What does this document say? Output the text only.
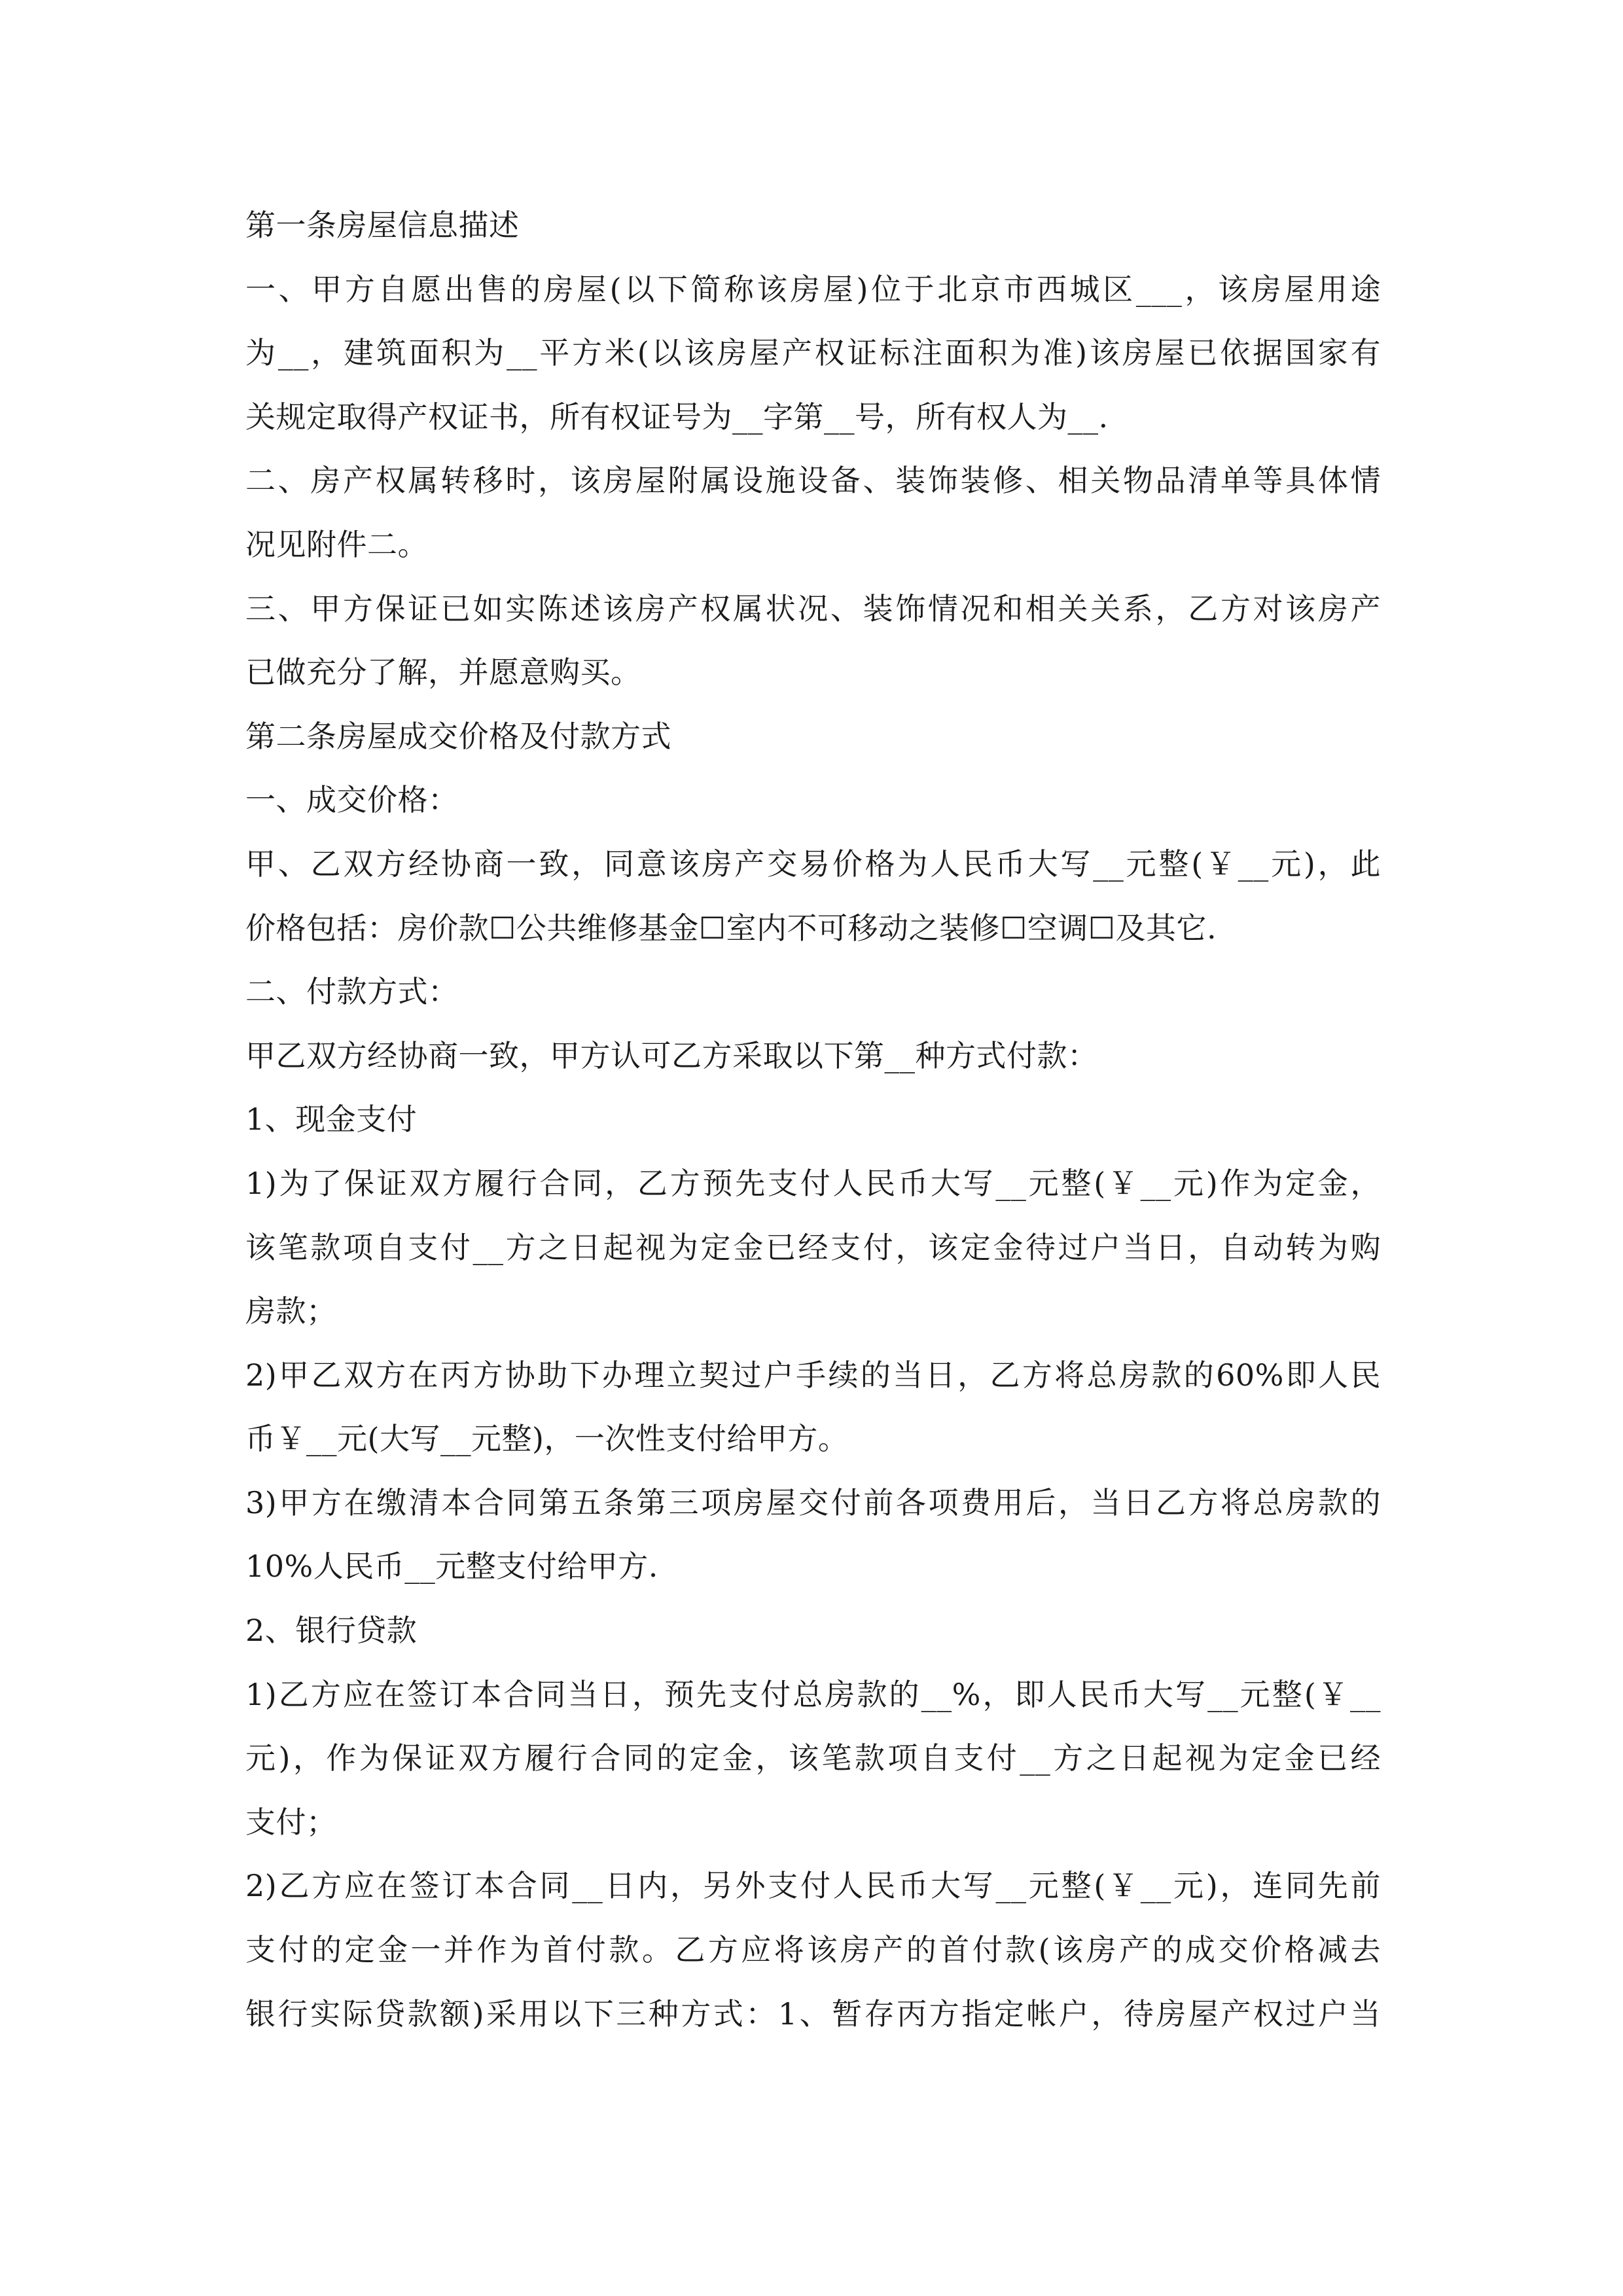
第一条房屋信息描述
一、甲方自愿出售的房屋(以下简称该房屋)位于北京市西城区___，该房屋用途
为__，建筑面积为__平方米(以该房屋产权证标注面积为准)该房屋已依据国家有
关规定取得产权证书，所有权证号为__字第__号，所有权人为__.
二、房产权属转移时，该房屋附属设施设备、装饰装修、相关物品清单等具体情
况见附件二。
三、甲方保证已如实陈述该房产权属状况、装饰情况和相关关系，乙方对该房产
已做充分了解，并愿意购买。
第二条房屋成交价格及付款方式
一、成交价格：
甲、乙双方经协商一致，同意该房产交易价格为人民币大写__元整(￥__元)，此
价格包括：房价款☐公共维修基金☐室内不可移动之装修☐空调☐及其它.
二、付款方式：
甲乙双方经协商一致，甲方认可乙方采取以下第__种方式付款：
1、现金支付
1)为了保证双方履行合同，乙方预先支付人民币大写__元整(￥__元)作为定金，
该笔款项自支付__方之日起视为定金已经支付，该定金待过户当日，自动转为购
房款；
2)甲乙双方在丙方协助下办理立契过户手续的当日，乙方将总房款的60%即人民
币￥__元(大写__元整)，一次性支付给甲方。
3)甲方在缴清本合同第五条第三项房屋交付前各项费用后，当日乙方将总房款的
10%人民币__元整支付给甲方.
2、银行贷款
1)乙方应在签订本合同当日，预先支付总房款的__%，即人民币大写__元整(￥__
元)，作为保证双方履行合同的定金，该笔款项自支付__方之日起视为定金已经
支付；
2)乙方应在签订本合同__日内，另外支付人民币大写__元整(￥__元)，连同先前
支付的定金一并作为首付款。乙方应将该房产的首付款(该房产的成交价格减去
银行实际贷款额)采用以下三种方式：1、暂存丙方指定帐户，待房屋产权过户当
